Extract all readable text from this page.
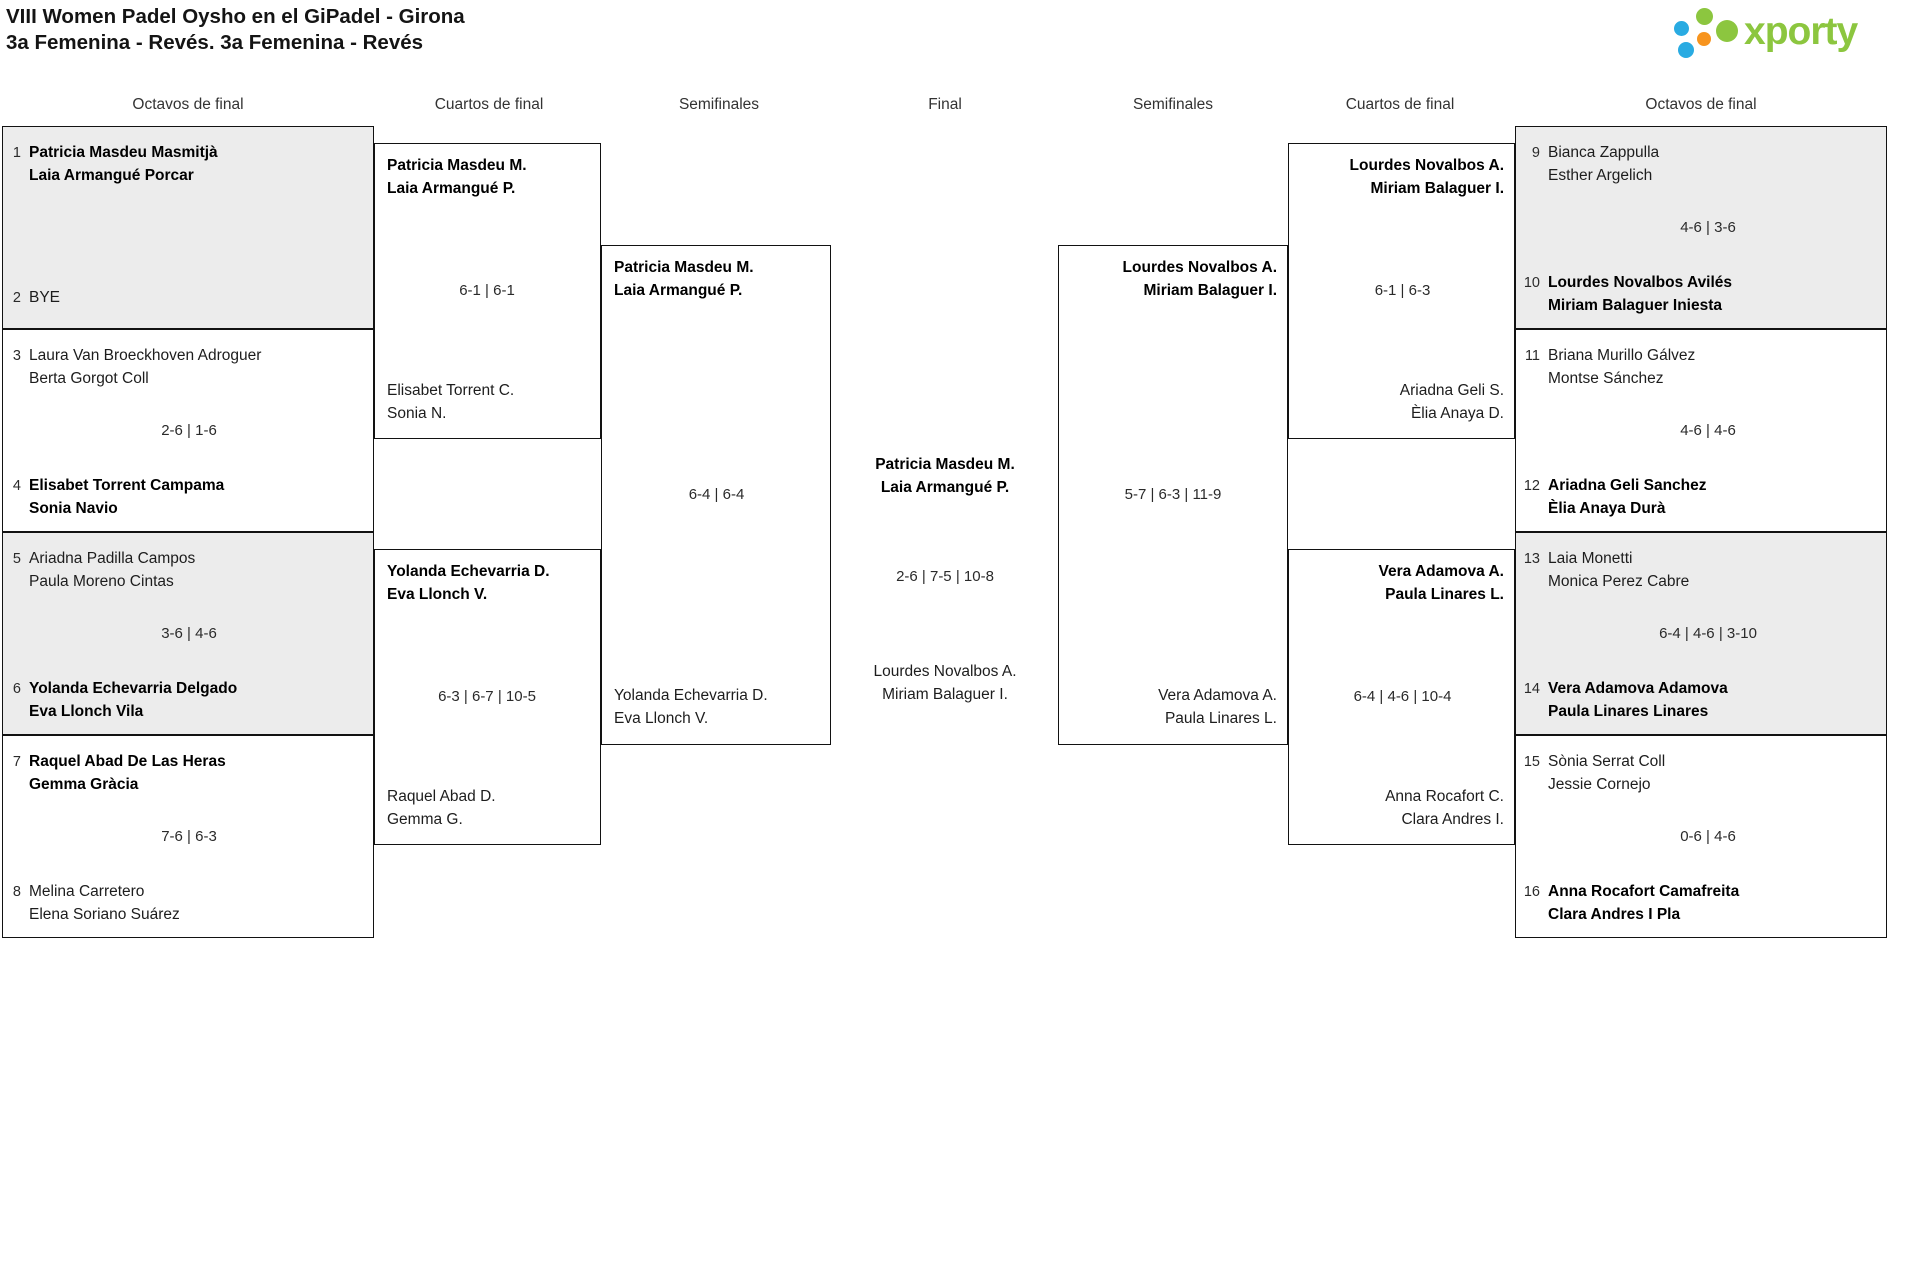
VIII Women Padel Oysho en el GiPadel - Girona
3a Femenina - Revés. 3a Femenina - Revés	xporty
Octavos de final	Cuartos de final	Semifinales	Final	Semifinales	Cuartos de final	Octavos de final
1 Patricia Masdeu Masmitjà
Laia Armangué Porcar
2 BYE
3 Laura Van Broeckhoven Adroguer
Berta Gorgot Coll
2-6 | 1-6
4 Elisabet Torrent Campama
Sonia Navio
5 Ariadna Padilla Campos
Paula Moreno Cintas
3-6 | 4-6
6 Yolanda Echevarria Delgado
Eva Llonch Vila
7 Raquel Abad De Las Heras
Gemma Gràcia
7-6 | 6-3
8 Melina Carretero
Elena Soriano Suárez
Patricia Masdeu M.
Laia Armangué P.
6-1 | 6-1
Elisabet Torrent C.
Sonia N.
Yolanda Echevarria D.
Eva Llonch V.
6-3 | 6-7 | 10-5
Raquel Abad D.
Gemma G.
Patricia Masdeu M.
Laia Armangué P.
6-4 | 6-4
Yolanda Echevarria D.
Eva Llonch V.
Patricia Masdeu M.
Laia Armangué P.
2-6 | 7-5 | 10-8
Lourdes Novalbos A.
Miriam Balaguer I.
Lourdes Novalbos A.
Miriam Balaguer I.
5-7 | 6-3 | 11-9
Vera Adamova A.
Paula Linares L.
Lourdes Novalbos A.
Miriam Balaguer I.
6-1 | 6-3
Ariadna Geli S.
Èlia Anaya D.
Vera Adamova A.
Paula Linares L.
6-4 | 4-6 | 10-4
Anna Rocafort C.
Clara Andres I.
9 Bianca Zappulla
Esther Argelich
4-6 | 3-6
10 Lourdes Novalbos Avilés
Miriam Balaguer Iniesta
11 Briana Murillo Gálvez
Montse Sánchez
4-6 | 4-6
12 Ariadna Geli Sanchez
Èlia Anaya Durà
13 Laia Monetti
Monica Perez Cabre
6-4 | 4-6 | 3-10
14 Vera Adamova Adamova
Paula Linares Linares
15 Sònia Serrat Coll
Jessie Cornejo
0-6 | 4-6
16 Anna Rocafort Camafreita
Clara Andres I Pla
